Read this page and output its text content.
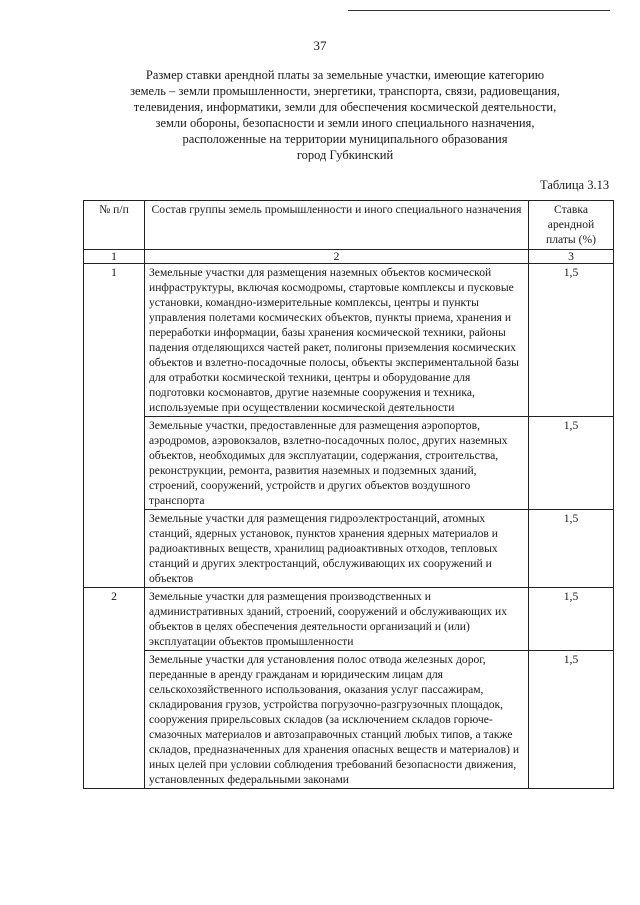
37
Размер ставки арендной платы за земельные участки, имеющие категорию
земель – земли промышленности, энергетики, транспорта, связи, радиовещания,
телевидения, информатики, земли для обеспечения космической деятельности,
земли обороны, безопасности и земли иного специального назначения,
расположенные на территории муниципального образования
город Губкинский
Таблица 3.13
№ п/п	Состав группы земель промышленности и иного специального назначения	Ставка арендной платы (%)
1	2	3
1	Земельные участки для размещения наземных объектов космической инфраструктуры, включая космодромы, стартовые комплексы и пусковые установки, командно-измерительные комплексы, центры и пункты управления полетами космических объектов, пункты приема, хранения и переработки информации, базы хранения космической техники, районы падения отделяющихся частей ракет, полигоны приземления космических объектов и взлетно-посадочные полосы, объекты экспериментальной базы для отработки космической техники, центры и оборудование для подготовки космонавтов, другие наземные сооружения и техника, используемые при осуществлении космической деятельности	1,5
	Земельные участки, предоставленные для размещения аэропортов, аэродромов, аэровокзалов, взлетно-посадочных полос, других наземных объектов, необходимых для эксплуатации, содержания, строительства, реконструкции, ремонта, развития наземных и подземных зданий, строений, сооружений, устройств и других объектов воздушного транспорта	1,5
	Земельные участки для размещения гидроэлектростанций, атомных станций, ядерных установок, пунктов хранения ядерных материалов и радиоактивных веществ, хранилищ радиоактивных отходов, тепловых станций и других электростанций, обслуживающих их сооружений и объектов	1,5
2	Земельные участки для размещения производственных и административных зданий, строений, сооружений и обслуживающих их объектов в целях обеспечения деятельности организаций и (или) эксплуатации объектов промышленности	1,5
	Земельные участки для установления полос отвода железных дорог, переданные в аренду гражданам и юридическим лицам для сельскохозяйственного использования, оказания услуг пассажирам, складирования грузов, устройства погрузочно-разгрузочных площадок, сооружения прирельсовых складов (за исключением складов горюче-смазочных материалов и автозаправочных станций любых типов, а также складов, предназначенных для хранения опасных веществ и материалов) и иных целей при условии соблюдения требований безопасности движения, установленных федеральными законами	1,5
